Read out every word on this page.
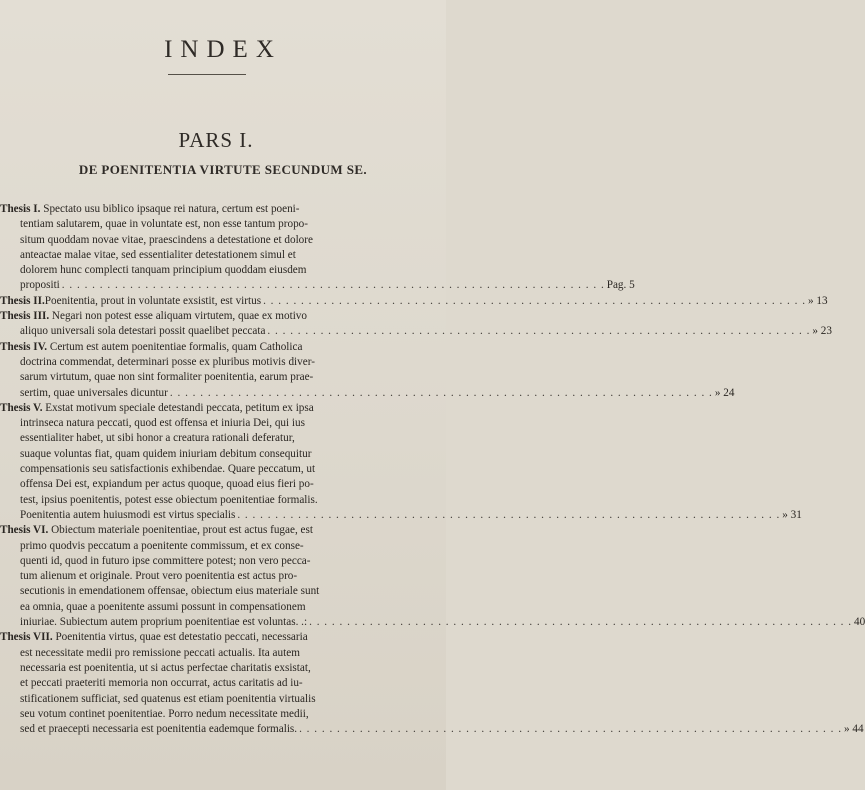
INDEX
PARS I.
DE POENITENTIA VIRTUTE SECUNDUM SE.
Thesis I. Spectato usu biblico ipsaque rei natura, certum est poeni-
tentiam salutarem, quae in voluntate est, non esse tantum propo-
situm quoddam novae vitae, praescindens a detestatione et dolore
anteactae malae vitae, sed essentialiter detestationem simul et
dolorem hunc complecti tanquam principium quoddam eiusdem
propositi . . . . . . . . . . . . . . . . . . . . . . . . . . . . . . . . . . . . . . . . . . . . . . . . . . . . . . . . . . . . . . . . . . . . . . . . Pag. 5
Thesis II. Poenitentia, prout in voluntate exsistit, est virtus . . . . . . . . . . . . . . . . . . . . . . . . . . . . . . . . . . . . . . . . . . . . . . . . . . . . . . . . . . . . . . . . . . . . . . . . » 13
Thesis III. Negari non potest esse aliquam virtutem, quae ex motivo
aliquo universali sola detestari possit quaelibet peccata . . . . . . . . . . . . . . . . . . . . . . . . . . . . . . . . . . . . . . . . . . . . . . . . . . . . . . . . . . . . . . . . . . . . . . . . » 23
Thesis IV. Certum est autem poenitentiae formalis, quam Catholica
doctrina commendat, determinari posse ex pluribus motivis diver-
sarum virtutum, quae non sint formaliter poenitentia, earum prae-
sertim, quae universales dicuntur . . . . . . . . . . . . . . . . . . . . . . . . . . . . . . . . . . . . . . . . . . . . . . . . . . . . . . . . . . . . . . . . . . . . . . . . » 24
Thesis V. Exstat motivum speciale detestandi peccata, petitum ex ipsa
intrinseca natura peccati, quod est offensa et iniuria Dei, qui ius
essentialiter habet, ut sibi honor a creatura rationali deferatur,
suaque voluntas fiat, quam quidem iniuriam debitum consequitur
compensationis seu satisfactionis exhibendae. Quare peccatum, ut
offensa Dei est, expiandum per actus quoque, quoad eius fieri po-
test, ipsius poenitentis, potest esse obiectum poenitentiae formalis.
Poenitentia autem huiusmodi est virtus specialis . . . . . . . . . . . . . . . . . . . . . . . . . . . . . . . . . . . . . . . . . . . . . . . . . . . . . . . . . . . . . . . . . . . . . . . . » 31
Thesis VI. Obiectum materiale poenitentiae, prout est actus fugae, est
primo quodvis peccatum a poenitente commissum, et ex conse-
quenti id, quod in futuro ipse committere potest; non vero pecca-
tum alienum et originale. Prout vero poenitentia est actus pro-
secutionis in emendationem offensae, obiectum eius materiale sunt
ea omnia, quae a poenitente assumi possunt in compensationem
iniuriae. Subiectum autem proprium poenitentiae est voluntas. .: . . . . . . . . . . . . . . . . . . . . . . . . . . . . . . . . . . . . . . . . . . . . . . . . . . . . . . . . . . . . . . . . . . . . . . . . 40
Thesis VII. Poenitentia virtus, quae est detestatio peccati, necessaria
est necessitate medii pro remissione peccati actualis. Ita autem
necessaria est poenitentia, ut si actus perfectae charitatis exsistat,
et peccati praeteriti memoria non occurrat, actus caritatis ad iu-
stificationem sufficiat, sed quatenus est etiam poenitentia virtualis
seu votum continet poenitentiae. Porro nedum necessitate medii,
sed et praecepti necessaria est poenitentia eademque formalis. . . . . . . . . . . . . . . . . . . . . . . . . . . . . . . . . . . . . . . . . . . . . . . . . . . . . . . . . . . . . . . . . . . . . . . . . » 44
